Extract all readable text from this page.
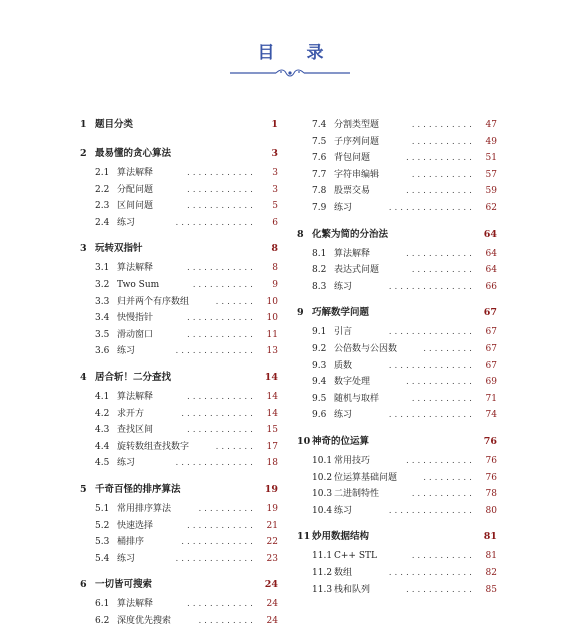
目 录
1 题目分类	1
2 最易懂的贪心算法	3
2.1 算法解释	............ 3
2.2 分配问题	............ 3
2.3 区间问题	............ 5
2.4 练习	.............. 6
3 玩转双指针	8
3.1 算法解释	............ 8
3.2 Two Sum	........... 9
3.3 归并两个有序数组	....... 10
3.4 快慢指针	............ 10
3.5 滑动窗口	............ 11
3.6 练习	.............. 13
4 居合斩！二分查找	14
4.1 算法解释	............ 14
4.2 求开方	............. 14
4.3 查找区间	............ 15
4.4 旋转数组查找数字	....... 17
4.5 练习	.............. 18
5 千奇百怪的排序算法	19
5.1 常用排序算法	.......... 19
5.2 快速选择	............ 21
5.3 桶排序	............. 22
5.4 练习	.............. 23
6 一切皆可搜索	24
6.1 算法解释	............ 24
6.2 深度优先搜索	.......... 24
7.4 分割类型题	........... 47
7.5 子序列问题	........... 49
7.6 背包问题	............ 51
7.7 字符串编辑	........... 57
7.8 股票交易	............ 59
7.9 练习	............... 62
8 化繁为简的分治法	64
8.1 算法解释	............ 64
8.2 表达式问题	........... 64
8.3 练习	............... 66
9 巧解数学问题	67
9.1 引言	............... 67
9.2 公倍数与公因数	......... 67
9.3 质数	............... 67
9.4 数字处理	............ 69
9.5 随机与取样	........... 71
9.6 练习	............... 74
10 神奇的位运算	76
10.1 常用技巧	............ 76
10.2 位运算基础问题	......... 76
10.3 二进制特性	........... 78
10.4 练习	............... 80
11 妙用数据结构	81
11.1 C++ STL	........... 81
11.2 数组	............... 82
11.3 栈和队列	............ 85
